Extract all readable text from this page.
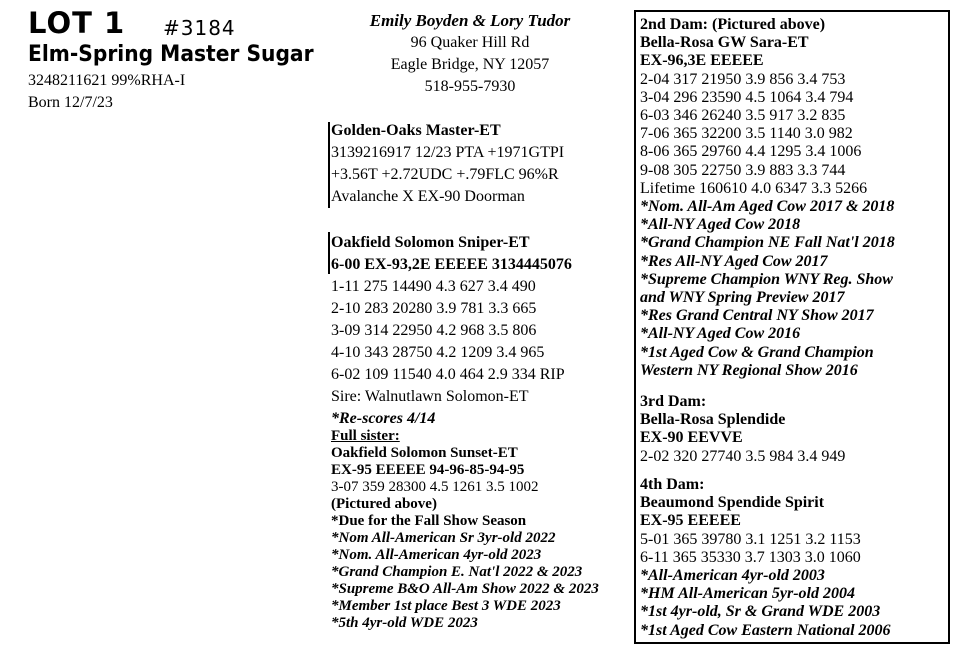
LOT 1 #3184
Elm-Spring Master Sugar
3248211621 99%RHA-I
Born 12/7/23
Emily Boyden & Lory Tudor
96 Quaker Hill Rd
Eagle Bridge, NY 12057
518-955-7930
Golden-Oaks Master-ET
3139216917 12/23 PTA +1971GTPI
+3.56T +2.72UDC +.79FLC 96%R
Avalanche X EX-90 Doorman
Oakfield Solomon Sniper-ET
6-00 EX-93,2E EEEEE 3134445076
1-11 275 14490 4.3 627 3.4 490
2-10 283 20280 3.9 781 3.3 665
3-09 314 22950 4.2 968 3.5 806
4-10 343 28750 4.2 1209 3.4 965
6-02 109 11540 4.0 464 2.9 334 RIP
Sire: Walnutlawn Solomon-ET
*Re-scores 4/14
Full sister:
Oakfield Solomon Sunset-ET
EX-95 EEEEE 94-96-85-94-95
3-07 359 28300 4.5 1261 3.5 1002
(Pictured above)
*Due for the Fall Show Season
*Nom All-American Sr 3yr-old 2022
*Nom. All-American 4yr-old 2023
*Grand Champion E. Nat'l 2022 & 2023
*Supreme B&O All-Am Show 2022 & 2023
*Member 1st place Best 3 WDE 2023
*5th 4yr-old WDE 2023
2nd Dam: (Pictured above)
Bella-Rosa GW Sara-ET
EX-96,3E EEEEE
2-04 317 21950 3.9 856 3.4 753
3-04 296 23590 4.5 1064 3.4 794
6-03 346 26240 3.5 917 3.2 835
7-06 365 32200 3.5 1140 3.0 982
8-06 365 29760 4.4 1295 3.4 1006
9-08 305 22750 3.9 883 3.3 744
Lifetime 160610 4.0 6347 3.3 5266
*Nom. All-Am Aged Cow 2017 & 2018
*All-NY Aged Cow 2018
*Grand Champion NE Fall Nat'l 2018
*Res All-NY Aged Cow 2017
*Supreme Champion WNY Reg. Show
and WNY Spring Preview 2017
*Res Grand Central NY Show 2017
*All-NY Aged Cow 2016
*1st Aged Cow & Grand Champion
Western NY Regional Show 2016
3rd Dam:
Bella-Rosa Splendide
EX-90 EEVVE
2-02 320 27740 3.5 984 3.4 949
4th Dam:
Beaumond Spendide Spirit
EX-95 EEEEE
5-01 365 39780 3.1 1251 3.2 1153
6-11 365 35330 3.7 1303 3.0 1060
*All-American 4yr-old 2003
*HM All-American 5yr-old 2004
*1st 4yr-old, Sr & Grand WDE 2003
*1st Aged Cow Eastern National 2006
